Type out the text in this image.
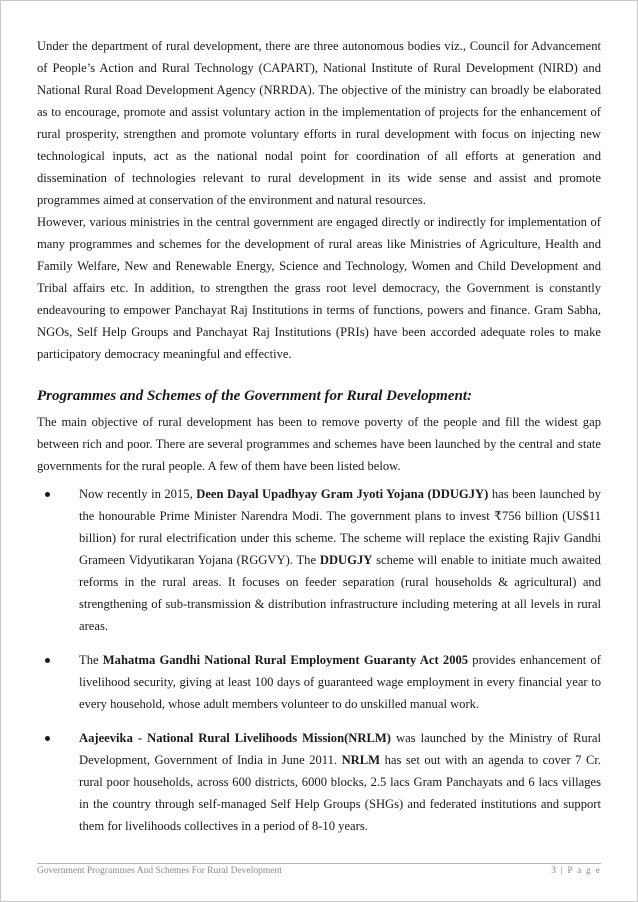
Under the department of rural development, there are three autonomous bodies viz., Council for Advancement of People’s Action and Rural Technology (CAPART), National Institute of Rural Development (NIRD) and National Rural Road Development Agency (NRRDA). The objective of the ministry can broadly be elaborated as to encourage, promote and assist voluntary action in the implementation of projects for the enhancement of rural prosperity, strengthen and promote voluntary efforts in rural development with focus on injecting new technological inputs, act as the national nodal point for coordination of all efforts at generation and dissemination of technologies relevant to rural development in its wide sense and assist and promote programmes aimed at conservation of the environment and natural resources.

However, various ministries in the central government are engaged directly or indirectly for implementation of many programmes and schemes for the development of rural areas like Ministries of Agriculture, Health and Family Welfare, New and Renewable Energy, Science and Technology, Women and Child Development and Tribal affairs etc. In addition, to strengthen the grass root level democracy, the Government is constantly endeavouring to empower Panchayat Raj Institutions in terms of functions, powers and finance. Gram Sabha, NGOs, Self Help Groups and Panchayat Raj Institutions (PRIs) have been accorded adequate roles to make participatory democracy meaningful and effective.

Programmes and Schemes of the Government for Rural Development:

The main objective of rural development has been to remove poverty of the people and fill the widest gap between rich and poor. There are several programmes and schemes have been launched by the central and state governments for the rural people. A few of them have been listed below.

Now recently in 2015, Deen Dayal Upadhyay Gram Jyoti Yojana (DDUGJY) has been launched by the honourable Prime Minister Narendra Modi. The government plans to invest ₹756 billion (US$11 billion) for rural electrification under this scheme. The scheme will replace the existing Rajiv Gandhi Grameen Vidyutikaran Yojana (RGGVY). The DDUGJY scheme will enable to initiate much awaited reforms in the rural areas. It focuses on feeder separation (rural households & agricultural) and strengthening of sub-transmission & distribution infrastructure including metering at all levels in rural areas.
The Mahatma Gandhi National Rural Employment Guaranty Act 2005 provides enhancement of livelihood security, giving at least 100 days of guaranteed wage employment in every financial year to every household, whose adult members volunteer to do unskilled manual work.
Aajeevika - National Rural Livelihoods Mission(NRLM) was launched by the Ministry of Rural Development, Government of India in June 2011. NRLM has set out with an agenda to cover 7 Cr. rural poor households, across 600 districts, 6000 blocks, 2.5 lacs Gram Panchayats and 6 lacs villages in the country through self-managed Self Help Groups (SHGs) and federated institutions and support them for livelihoods collectives in a period of 8-10 years.
Government Programmes And Schemes For Rural Development	3 | P a g e
